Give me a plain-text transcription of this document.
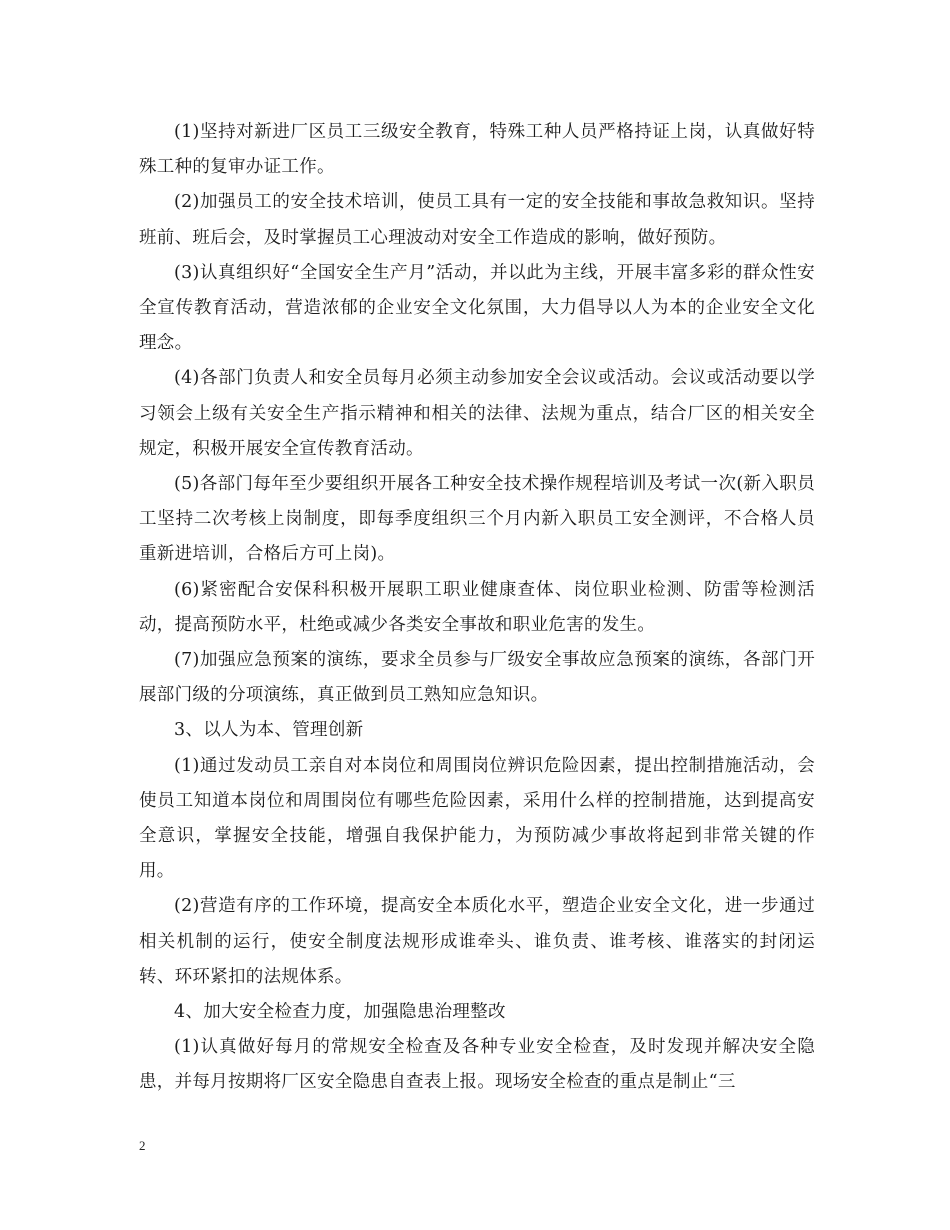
(1)坚持对新进厂区员工三级安全教育，特殊工种人员严格持证上岗，认真做好特殊工种的复审办证工作。

(2)加强员工的安全技术培训，使员工具有一定的安全技能和事故急救知识。坚持班前、班后会，及时掌握员工心理波动对安全工作造成的影响，做好预防。

(3)认真组织好“全国安全生产月”活动，并以此为主线，开展丰富多彩的群众性安全宣传教育活动，营造浓郁的企业安全文化氛围，大力倡导以人为本的企业安全文化理念。

(4)各部门负责人和安全员每月必须主动参加安全会议或活动。会议或活动要以学习领会上级有关安全生产指示精神和相关的法律、法规为重点，结合厂区的相关安全规定，积极开展安全宣传教育活动。

(5)各部门每年至少要组织开展各工种安全技术操作规程培训及考试一次(新入职员工坚持二次考核上岗制度，即每季度组织三个月内新入职员工安全测评，不合格人员重新进培训，合格后方可上岗)。

(6)紧密配合安保科积极开展职工职业健康查体、岗位职业检测、防雷等检测活动，提高预防水平，杜绝或减少各类安全事故和职业危害的发生。

(7)加强应急预案的演练，要求全员参与厂级安全事故应急预案的演练，各部门开展部门级的分项演练，真正做到员工熟知应急知识。

3、以人为本、管理创新

(1)通过发动员工亲自对本岗位和周围岗位辨识危险因素，提出控制措施活动，会使员工知道本岗位和周围岗位有哪些危险因素，采用什么样的控制措施，达到提高安全意识，掌握安全技能，增强自我保护能力，为预防减少事故将起到非常关键的作用。

(2)营造有序的工作环境，提高安全本质化水平，塑造企业安全文化，进一步通过相关机制的运行，使安全制度法规形成谁牵头、谁负责、谁考核、谁落实的封闭运转、环环紧扣的法规体系。

4、加大安全检查力度，加强隐患治理整改

(1)认真做好每月的常规安全检查及各种专业安全检查，及时发现并解决安全隐患，并每月按期将厂区安全隐患自查表上报。现场安全检查的重点是制止“三

2
